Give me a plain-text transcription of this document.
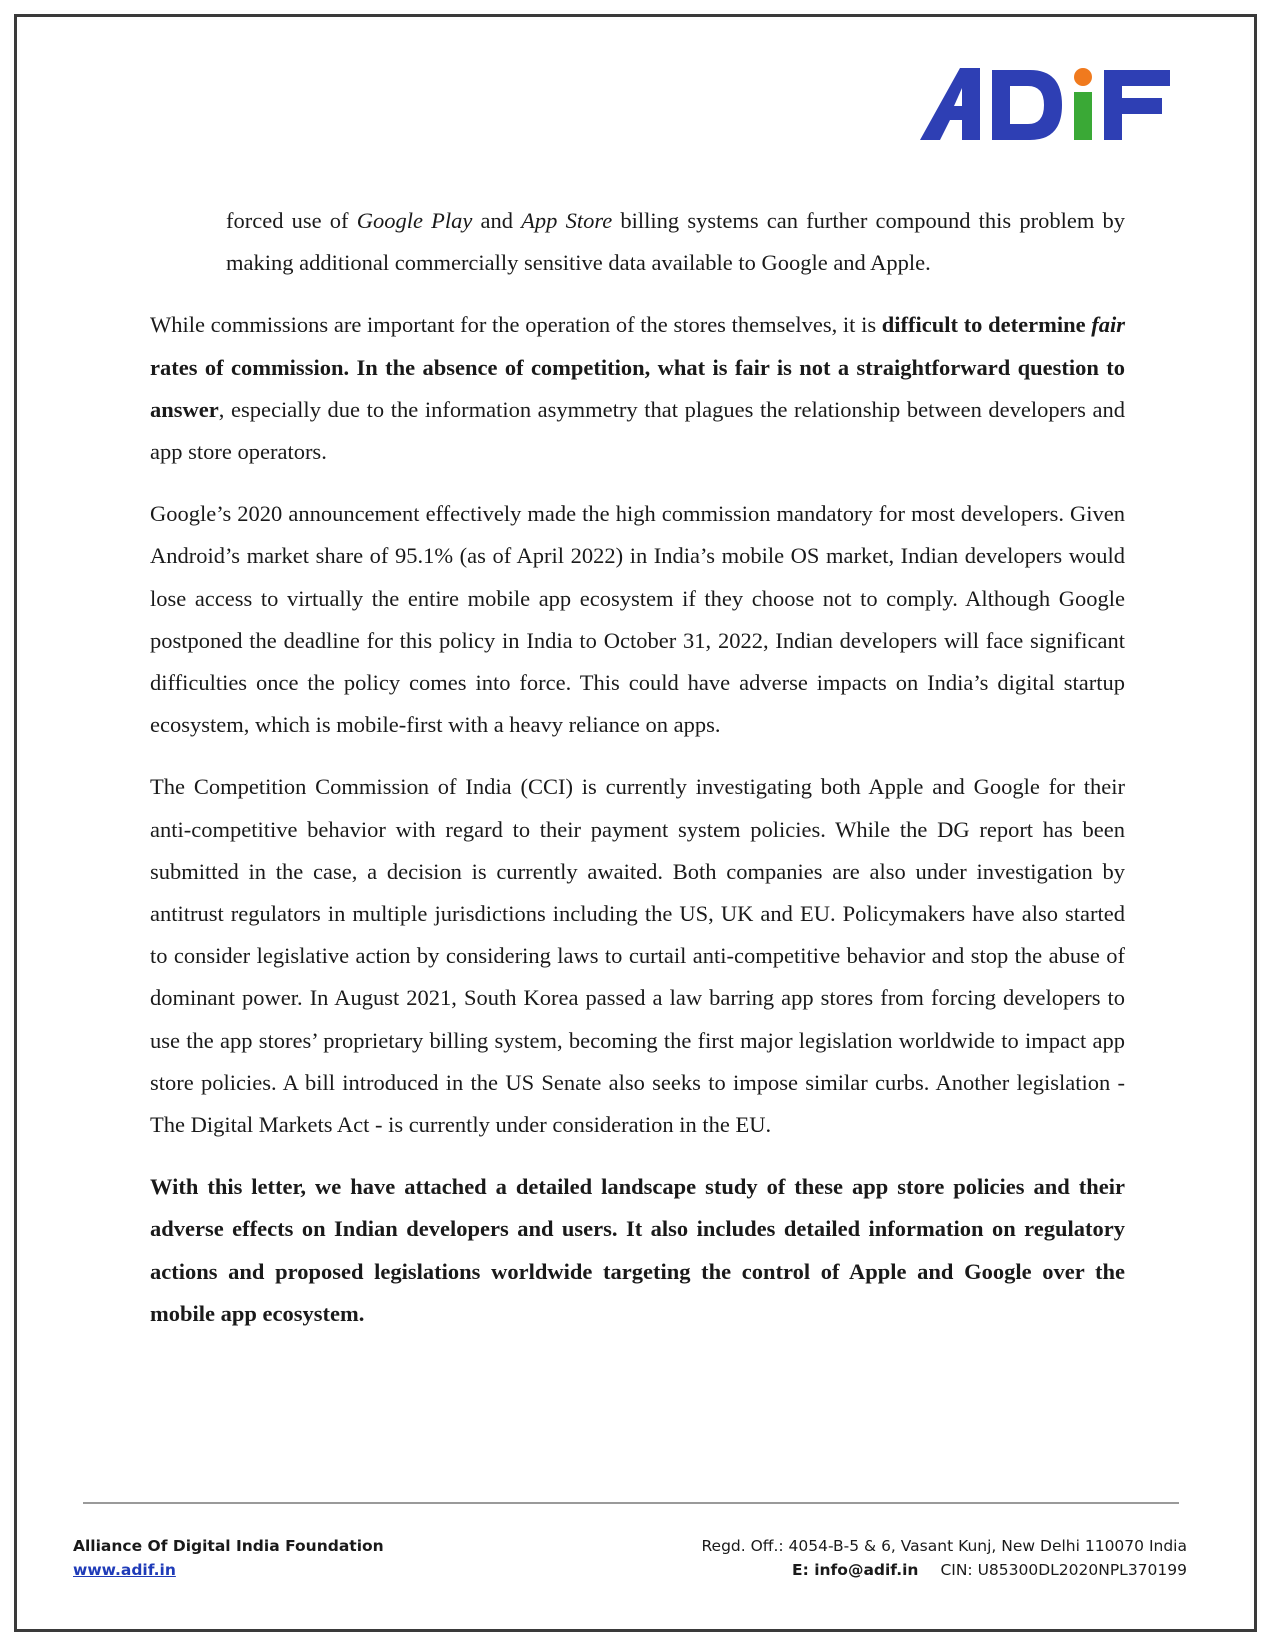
forced use of Google Play and App Store billing systems can further compound this problem by making additional commercially sensitive data available to Google and Apple.

While commissions are important for the operation of the stores themselves, it is difficult to determine fair rates of commission. In the absence of competition, what is fair is not a straightforward question to answer, especially due to the information asymmetry that plagues the relationship between developers and app store operators.

Google’s 2020 announcement effectively made the high commission mandatory for most developers. Given Android’s market share of 95.1% (as of April 2022) in India’s mobile OS market, Indian developers would lose access to virtually the entire mobile app ecosystem if they choose not to comply. Although Google postponed the deadline for this policy in India to October 31, 2022, Indian developers will face significant difficulties once the policy comes into force. This could have adverse impacts on India’s digital startup ecosystem, which is mobile-first with a heavy reliance on apps.

The Competition Commission of India (CCI) is currently investigating both Apple and Google for their anti-competitive behavior with regard to their payment system policies. While the DG report has been submitted in the case, a decision is currently awaited. Both companies are also under investigation by antitrust regulators in multiple jurisdictions including the US, UK and EU. Policymakers have also started to consider legislative action by considering laws to curtail anti-competitive behavior and stop the abuse of dominant power. In August 2021, South Korea passed a law barring app stores from forcing developers to use the app stores’ proprietary billing system, becoming the first major legislation worldwide to impact app store policies. A bill introduced in the US Senate also seeks to impose similar curbs. Another legislation - The Digital Markets Act - is currently under consideration in the EU.

With this letter, we have attached a detailed landscape study of these app store policies and their adverse effects on Indian developers and users. It also includes detailed information on regulatory actions and proposed legislations worldwide targeting the control of Apple and Google over the mobile app ecosystem.

Alliance Of Digital India Foundation
www.adif.in
Regd. Off.: 4054-B-5 & 6, Vasant Kunj, New Delhi 110070 India
E: info@adif.in CIN: U85300DL2020NPL370199
